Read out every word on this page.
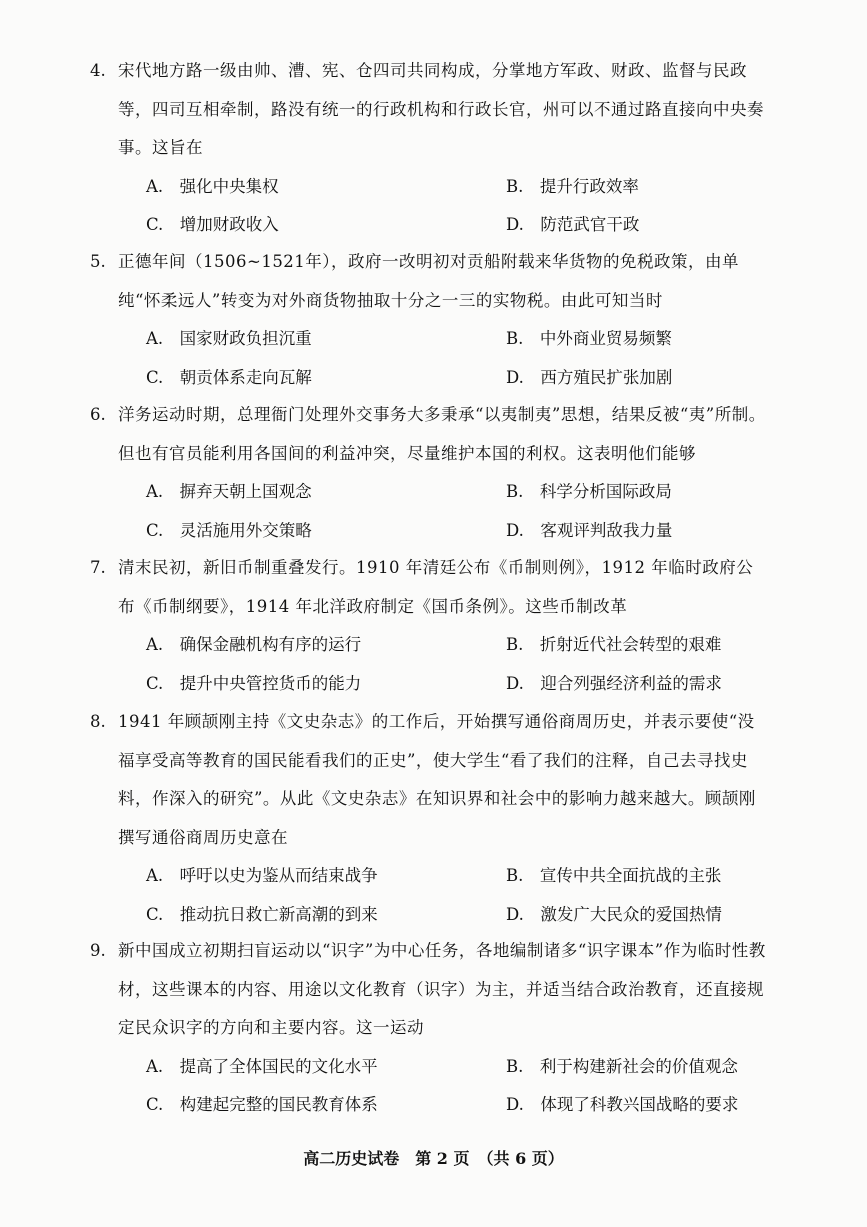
4. 宋代地方路一级由帅、漕、宪、仓四司共同构成，分掌地方军政、财政、监督与民政等，四司互相牵制，路没有统一的行政机构和行政长官，州可以不通过路直接向中央奏事。这旨在
A.　 强化中央集权	B.　 提升行政效率
C.　 增加财政收入	D.　 防范武官干政
5. 正德年间（1506~1521年），政府一改明初对贡船附载来华货物的免税政策，由单纯“怀柔远人”转变为对外商货物抽取十分之一三的实物税。由此可知当时
A.　 国家财政负担沉重	B.　 中外商业贸易频繁
C.　 朝贡体系走向瓦解	D.　 西方殖民扩张加剧
6. 洋务运动时期，总理衙门处理外交事务大多秉承“以夷制夷”思想，结果反被“夷”所制。但也有官员能利用各国间的利益冲突，尽量维护本国的利权。这表明他们能够
A.　 摒弃天朝上国观念	B.　 科学分析国际政局
C.　 灵活施用外交策略	D.　 客观评判敌我力量
7. 清末民初，新旧币制重叠发行。1910 年清廷公布《币制则例》，1912 年临时政府公布《币制纲要》，1914 年北洋政府制定《国币条例》。这些币制改革
A.　 确保金融机构有序的运行	B.　 折射近代社会转型的艰难
C.　 提升中央管控货币的能力	D.　 迎合列强经济利益的需求
8. 1941 年顾颉刚主持《文史杂志》的工作后，开始撰写通俗商周历史，并表示要使“没福享受高等教育的国民能看我们的正史”，使大学生“看了我们的注释，自己去寻找史料，作深入的研究”。从此《文史杂志》在知识界和社会中的影响力越来越大。顾颉刚撰写通俗商周历史意在
A.　 呼吁以史为鉴从而结束战争	B.　 宣传中共全面抗战的主张
C.　 推动抗日救亡新高潮的到来	D.　 激发广大民众的爱国热情
9. 新中国成立初期扫盲运动以“识字”为中心任务，各地编制诸多“识字课本”作为临时性教材，这些课本的内容、用途以文化教育（识字）为主，并适当结合政治教育，还直接规定民众识字的方向和主要内容。这一运动
A.　 提高了全体国民的文化水平	B.　 利于构建新社会的价值观念
C.　 构建起完整的国民教育体系	D.　 体现了科教兴国战略的要求
高二历史试卷　第 2 页　（共 6 页）
